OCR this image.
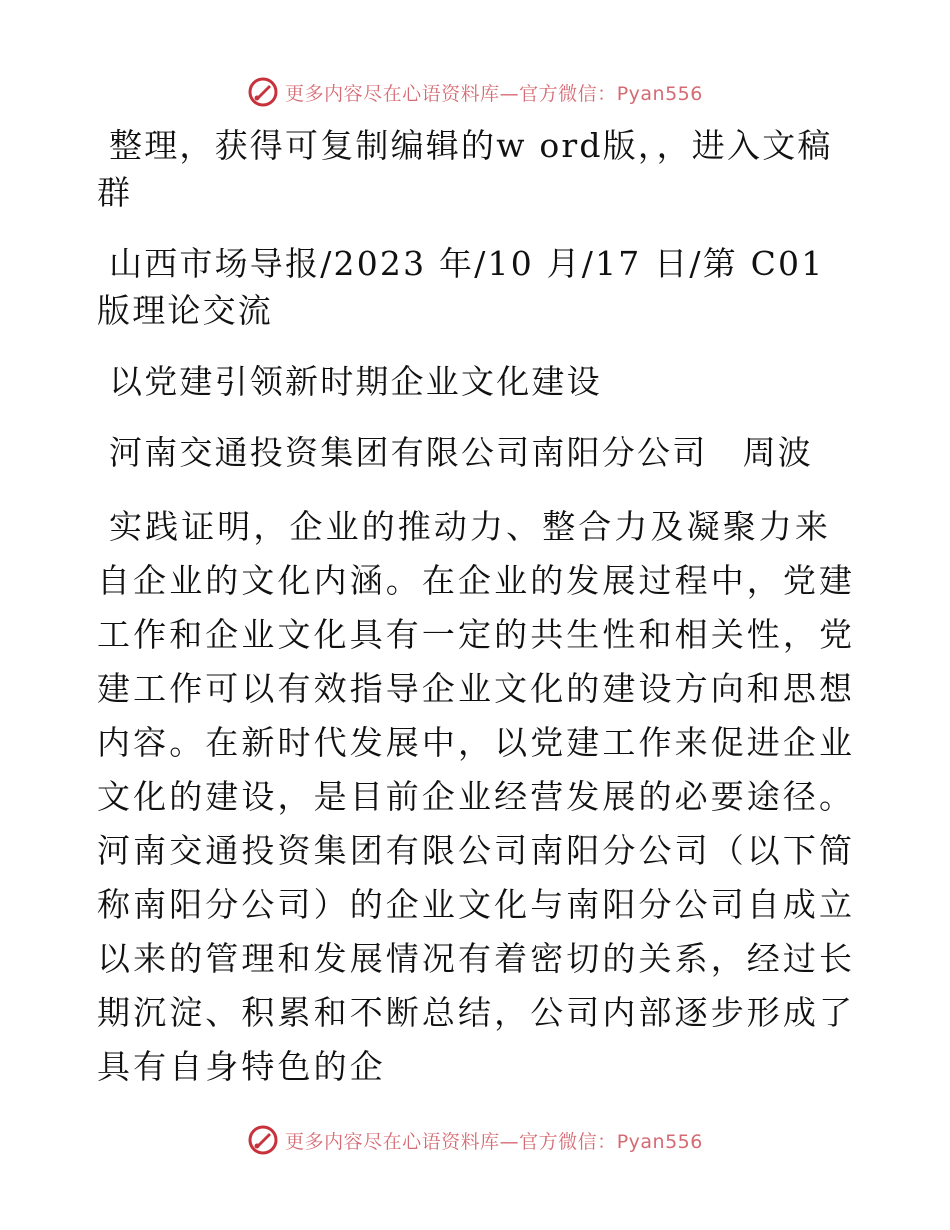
更多内容尽在心语资料库—官方微信：Pyan556

整理，获得可复制编辑的w ord版，，进入文稿群

山西市场导报/2023 年/10 月/17 日/第 C01 版理论交流

以党建引领新时期企业文化建设

河南交通投资集团有限公司南阳分公司　周波

实践证明，企业的推动力、整合力及凝聚力来自企业的文化内涵。在企业的发展过程中，党建工作和企业文化具有一定的共生性和相关性，党建工作可以有效指导企业文化的建设方向和思想内容。在新时代发展中，以党建工作来促进企业文化的建设，是目前企业经营发展的必要途径。河南交通投资集团有限公司南阳分公司（以下简称南阳分公司）的企业文化与南阳分公司自成立以来的管理和发展情况有着密切的关系，经过长期沉淀、积累和不断总结，公司内部逐步形成了具有自身特色的企

更多内容尽在心语资料库—官方微信：Pyan556
